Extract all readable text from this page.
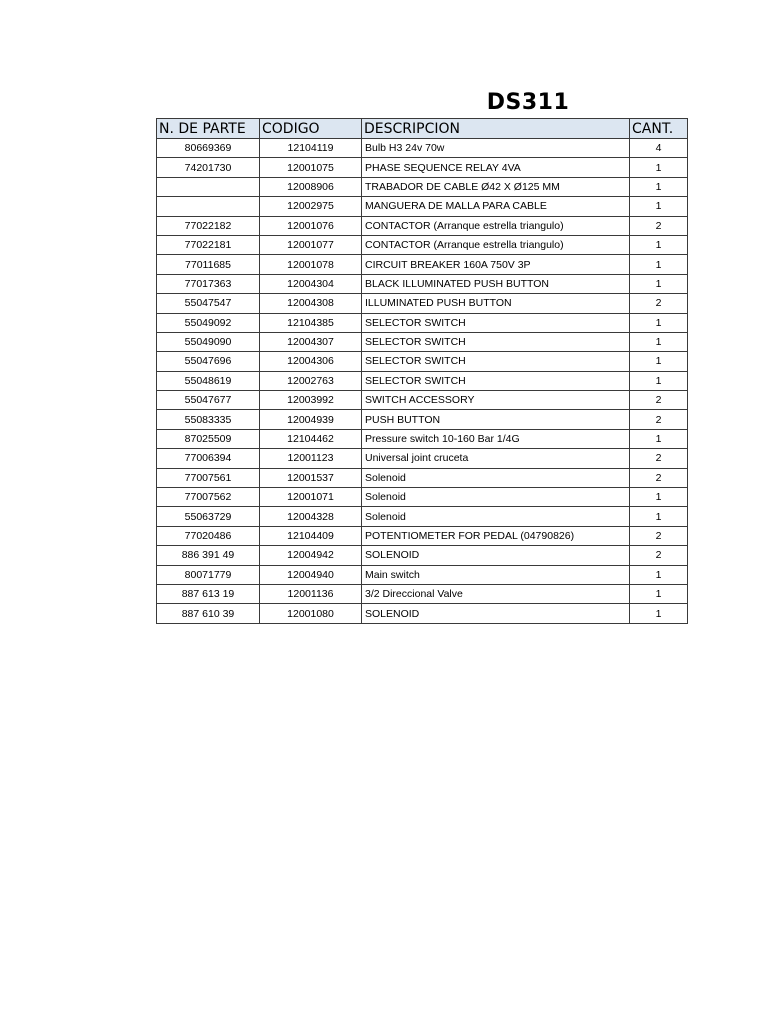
DS311
N. DE PARTE	CODIGO	DESCRIPCION	CANT.
80669369	12104119	Bulb H3 24v 70w	4
74201730	12001075	PHASE SEQUENCE RELAY 4VA	1
	12008906	TRABADOR DE CABLE Ø42 X Ø125 MM	1
	12002975	MANGUERA DE MALLA PARA CABLE	1
77022182	12001076	CONTACTOR (Arranque estrella triangulo)	2
77022181	12001077	CONTACTOR (Arranque estrella triangulo)	1
77011685	12001078	CIRCUIT BREAKER 160A 750V 3P	1
77017363	12004304	BLACK ILLUMINATED PUSH BUTTON	1
55047547	12004308	ILLUMINATED PUSH BUTTON	2
55049092	12104385	SELECTOR SWITCH	1
55049090	12004307	SELECTOR SWITCH	1
55047696	12004306	SELECTOR SWITCH	1
55048619	12002763	SELECTOR SWITCH	1
55047677	12003992	SWITCH ACCESSORY	2
55083335	12004939	PUSH BUTTON	2
87025509	12104462	Pressure switch 10-160 Bar 1/4G	1
77006394	12001123	Universal joint cruceta	2
77007561	12001537	Solenoid	2
77007562	12001071	Solenoid	1
55063729	12004328	Solenoid	1
77020486	12104409	POTENTIOMETER FOR PEDAL (04790826)	2
886 391 49	12004942	SOLENOID	2
80071779	12004940	Main switch	1
887 613 19	12001136	3/2 Direccional Valve	1
887 610 39	12001080	SOLENOID	1
